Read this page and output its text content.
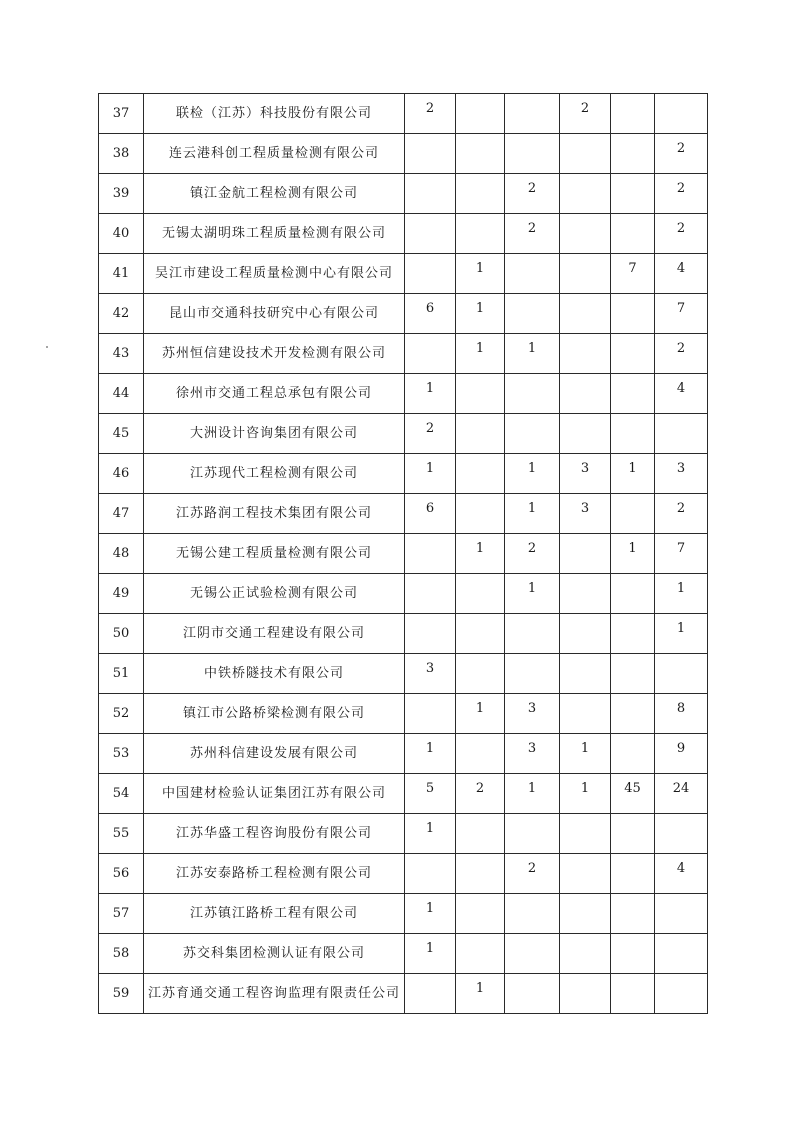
37	联检（江苏）科技股份有限公司	2			2		
38	连云港科创工程质量检测有限公司						2
39	镇江金航工程检测有限公司			2			2
40	无锡太湖明珠工程质量检测有限公司			2			2
41	吴江市建设工程质量检测中心有限公司		1			7	4
42	昆山市交通科技研究中心有限公司	6	1				7
43	苏州恒信建设技术开发检测有限公司		1	1			2
44	徐州市交通工程总承包有限公司	1					4
45	大洲设计咨询集团有限公司	2					
46	江苏现代工程检测有限公司	1		1	3	1	3
47	江苏路润工程技术集团有限公司	6		1	3		2
48	无锡公建工程质量检测有限公司		1	2		1	7
49	无锡公正试验检测有限公司			1			1
50	江阴市交通工程建设有限公司						1
51	中铁桥隧技术有限公司	3					
52	镇江市公路桥梁检测有限公司		1	3			8
53	苏州科信建设发展有限公司	1		3	1		9
54	中国建材检验认证集团江苏有限公司	5	2	1	1	45	24
55	江苏华盛工程咨询股份有限公司	1					
56	江苏安泰路桥工程检测有限公司			2			4
57	江苏镇江路桥工程有限公司	1					
58	苏交科集团检测认证有限公司	1					
59	江苏育通交通工程咨询监理有限责任公司		1				
